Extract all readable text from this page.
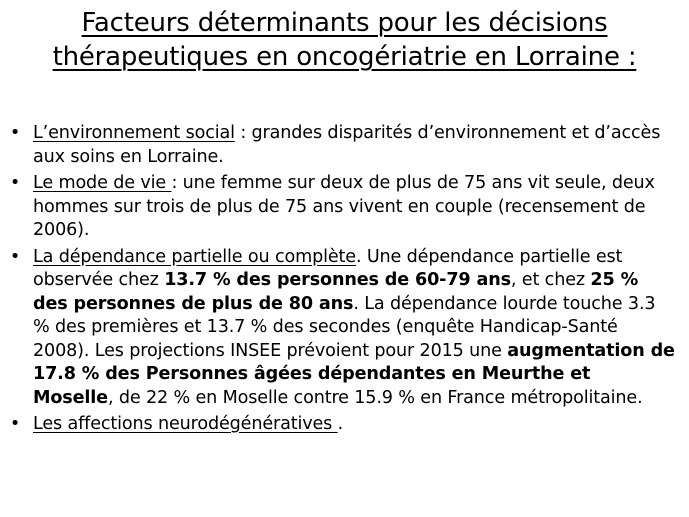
Facteurs déterminants pour les décisions
thérapeutiques en oncogériatrie en Lorraine :
• L’environnement social : grandes disparités d’environnement et d’accès aux soins en Lorraine.
• Le mode de vie : une femme sur deux de plus de 75 ans vit seule, deux hommes sur trois de plus de 75 ans vivent en couple (recensement de 2006).
• La dépendance partielle ou complète. Une dépendance partielle est observée chez 13.7 % des personnes de 60-79 ans, et chez 25 % des personnes de plus de 80 ans. La dépendance lourde touche 3.3 % des premières et 13.7 % des secondes (enquête Handicap-Santé 2008). Les projections INSEE prévoient pour 2015 une augmentation de 17.8 % des Personnes âgées dépendantes en Meurthe et Moselle, de 22 % en Moselle contre 15.9 % en France métropolitaine.
• Les affections neurodégénératives .
